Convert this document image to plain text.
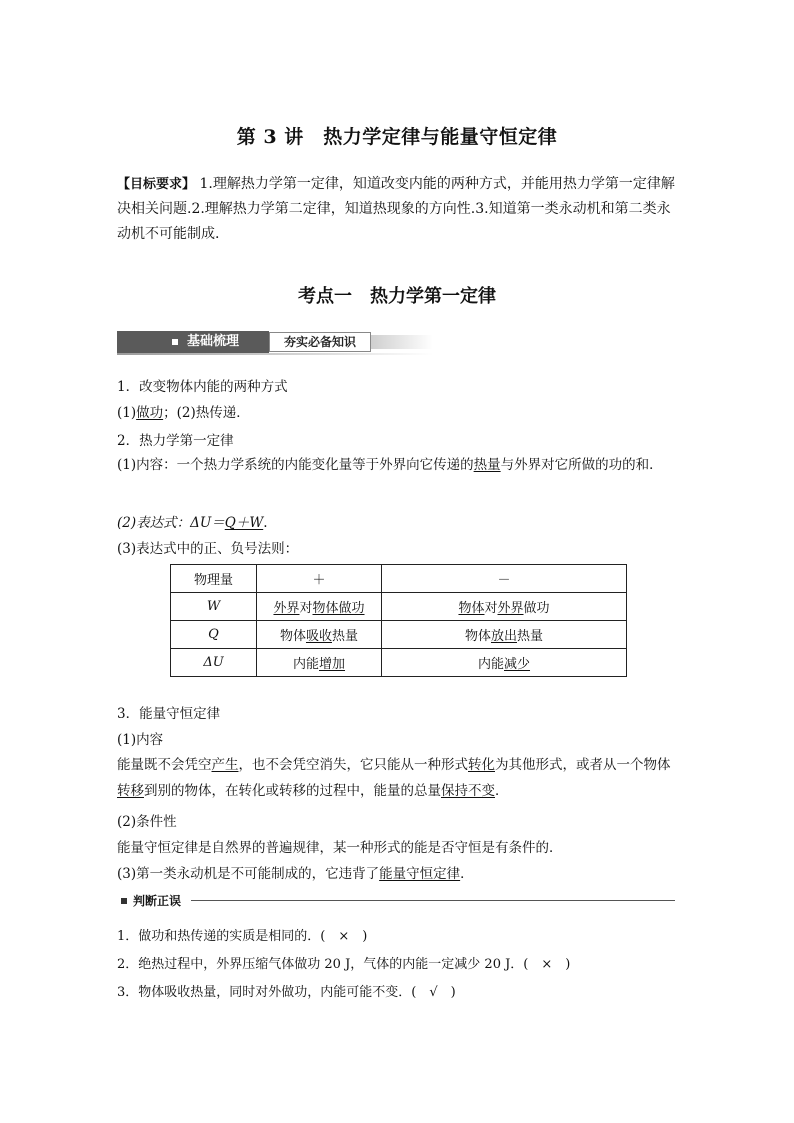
第 3 讲　热力学定律与能量守恒定律
【目标要求】 1.理解热力学第一定律，知道改变内能的两种方式，并能用热力学第一定律解决相关问题.2.理解热力学第二定律，知道热现象的方向性.3.知道第一类永动机和第二类永动机不可能制成.
考点一　热力学第一定律
基础梳理	夯实必备知识
1．改变物体内能的两种方式
(1)做功；(2)热传递．
2．热力学第一定律
(1)内容：一个热力学系统的内能变化量等于外界向它传递的热量与外界对它所做的功的和．
(2)表达式：ΔU＝Q＋W.
(3)表达式中的正、负号法则：
物理量	＋	－
W	外界对物体做功	物体对外界做功
Q	物体吸收热量	物体放出热量
ΔU	内能增加	内能减少
3．能量守恒定律
(1)内容
能量既不会凭空产生，也不会凭空消失，它只能从一种形式转化为其他形式，或者从一个物体转移到别的物体，在转化或转移的过程中，能量的总量保持不变．
(2)条件性
能量守恒定律是自然界的普遍规律，某一种形式的能是否守恒是有条件的．
(3)第一类永动机是不可能制成的，它违背了能量守恒定律．
判断正误
1．做功和热传递的实质是相同的．(　×　)
2．绝热过程中，外界压缩气体做功 20 J，气体的内能一定减少 20 J．(　×　)
3．物体吸收热量，同时对外做功，内能可能不变．(　√　)
